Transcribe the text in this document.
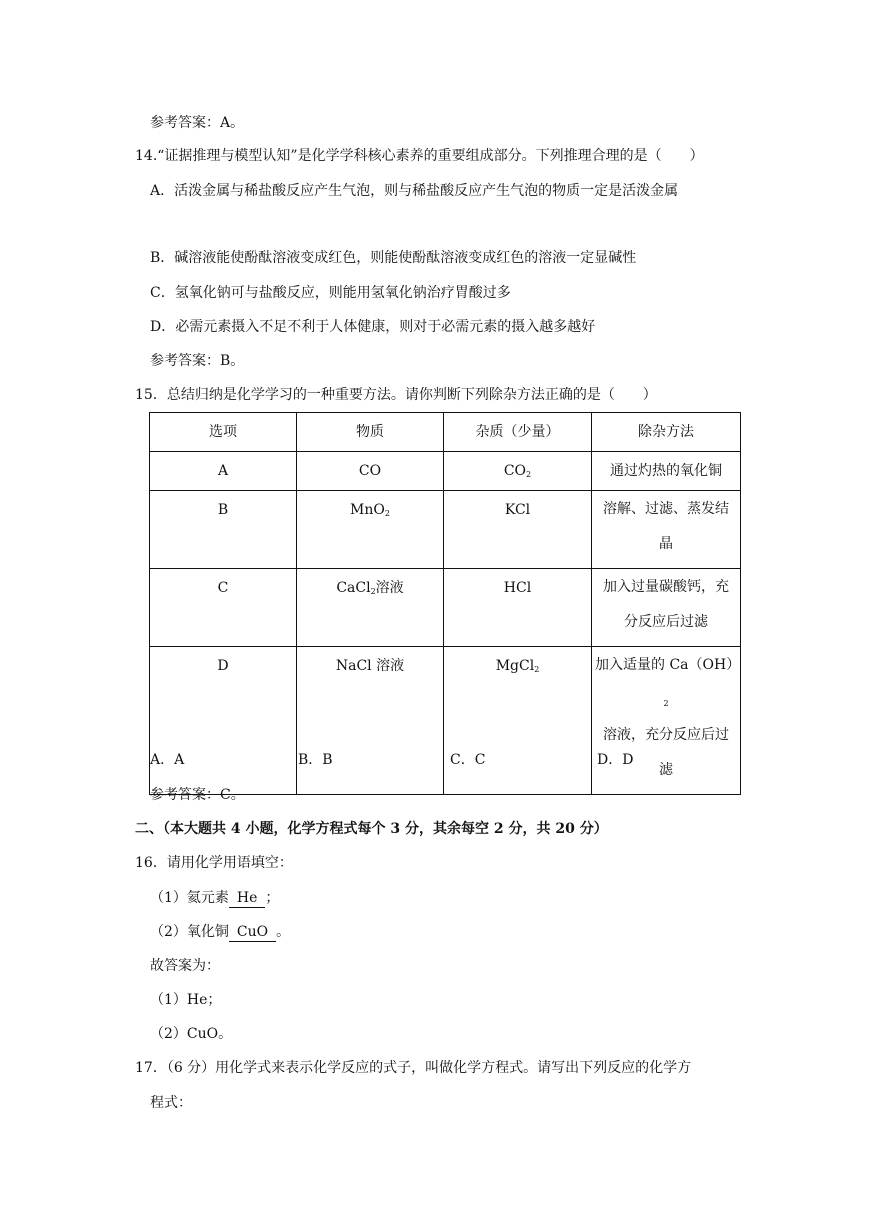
参考答案：A。
14.“证据推理与模型认知”是化学学科核心素养的重要组成部分。下列推理合理的是（　　）
A．活泼金属与稀盐酸反应产生气泡，则与稀盐酸反应产生气泡的物质一定是活泼金属
B．碱溶液能使酚酞溶液变成红色，则能使酚酞溶液变成红色的溶液一定显碱性
C．氢氧化钠可与盐酸反应，则能用氢氧化钠治疗胃酸过多
D．必需元素摄入不足不利于人体健康，则对于必需元素的摄入越多越好
参考答案：B。
15．总结归纳是化学学习的一种重要方法。请你判断下列除杂方法正确的是（　　）
选项	物质	杂质（少量）	除杂方法
A	CO	$CO_2$	通过灼热的氧化铜
B	MnO$_2$	KCl	溶解、过滤、蒸发结
晶

C	CaCl$_2$溶液	HCl	加入过量碳酸钙，充
分反应后过滤

D	NaCl 溶液	MgCl$_2$	加入适量的 $Ca(OH)_2$
溶液，充分反应后过
滤
A．A	B．B	C．C	D．D
参考答案：C。
二、（本大题共 4 小题，化学方程式每个 3 分，其余每空 2 分，共 20 分）
16．请用化学用语填空：
（1）氦元素 He ；
（2）氧化铜 CuO 。
故答案为：
（1）He；
（2）CuO。
17．（6 分）用化学式来表示化学反应的式子，叫做化学方程式。请写出下列反应的化学方
程式：
